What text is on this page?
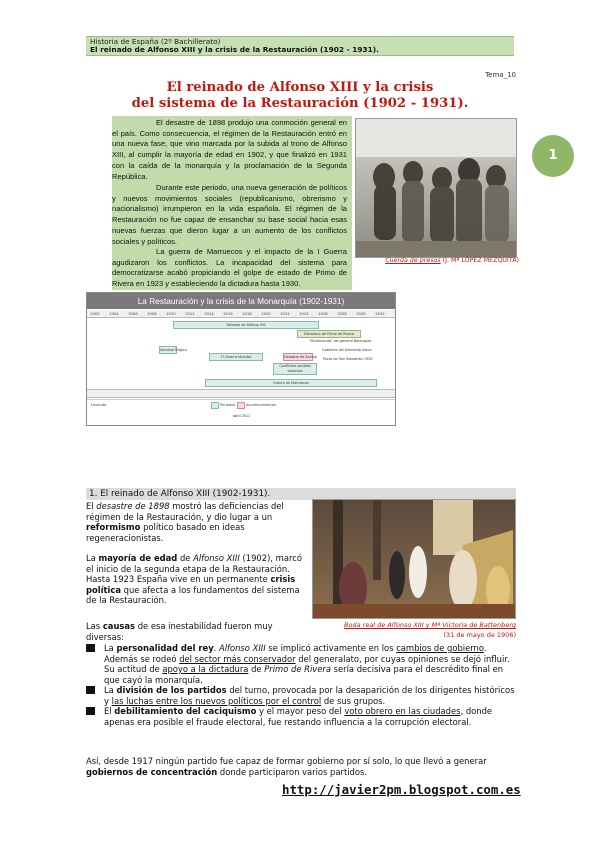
Historia de España (2º Bachillerato)
El reinado de Alfonso XIII y la crisis de la Restauración (1902 - 1931).
Tema_10
El reinado de Alfonso XIII y la crisis
del sistema de la Restauración (1902 - 1931).

El desastre de 1898 produjo una conmoción general en el país. Como consecuencia, el régimen de la Restauración entró en una nueva fase, que vino marcada por la subida al trono de Alfonso XIII, al cumplir la mayoría de edad en 1902, y que finalizó en 1931 con la caída de la monarquía y la proclamación de la Segunda República.

Durante este periodo, una nueva generación de políticos y nuevos movimientos sociales (republicanismo, obrerismo y nacionalismo) irrumpieron en la vida española. El régimen de la Restauración no fue capaz de ensanchar su base social hacia esas nuevas fuerzas que dieron lugar a un aumento de los conflictos sociales y políticos.

La guerra de Marruecos y el impacto de la I Guerra agudizaron los conflictos. La incapacidad del sistema para democratizarse acabó propiciando el golpe de estado de Primo de Rivera en 1923 y estableciendo la dictadura hasta 1930.

Cuerda de presos (J. Mª LÓPEZ MEZQUITA)
1
La Restauración y la crisis de la Monarquía (1902-1931)
1902 1904 1906 1908 1910 1912 1914 1916 1918 1920 1922 1924 1926 1928 1930 1932
Reinado de Alfonso XIII
Dictadura de Primo de Rivera
"Dictablanda" del general Berenguer
Semana Trágica	Gobierno del almirante Aznar
1ª Guerra Mundial	Desastre de Annual Pacto de San Sebastián 1930
Conflictos sociales violentos
Guerra de Marruecos
Leyenda	Períodos	Acontecimientos
abril 2011
1. El reinado de Alfonso XIII (1902-1931).
Boda real de Alfonso XIII y Mª Victoria de Battenberg
(31 de mayo de 1906)
El desastre de 1898 mostró las deficiencias del régimen de la Restauración, y dio lugar a un reformismo político basado en ideas regeneracionistas.
La mayoría de edad de Alfonso XIII (1902), marcó el inicio de la segunda etapa de la Restauración. Hasta 1923 España vive en un permanente crisis política que afecta a los fundamentos del sistema de la Restauración.
Las causas de esa inestabilidad fueron muy diversas:
La personalidad del rey. Alfonso XIII se implicó activamente en los cambios de gobierno. Además se rodeó del sector más conservador del generalato, por cuyas opiniones se dejó influir. Su actitud de apoyo a la dictadura de Primo de Rivera sería decisiva para el descrédito final en que cayó la monarquía.
La división de los partidos del turno, provocada por la desaparición de los dirigentes históricos y las luchas entre los nuevos políticos por el control de sus grupos.
El debilitamiento del caciquismo y el mayor peso del voto obrero en las ciudades, donde apenas era posible el fraude electoral, fue restando influencia a la corrupción electoral.
Así, desde 1917 ningún partido fue capaz de formar gobierno por sí solo, lo que llevó a generar gobiernos de concentración donde participaron varios partidos.
http://javier2pm.blogspot.com.es
